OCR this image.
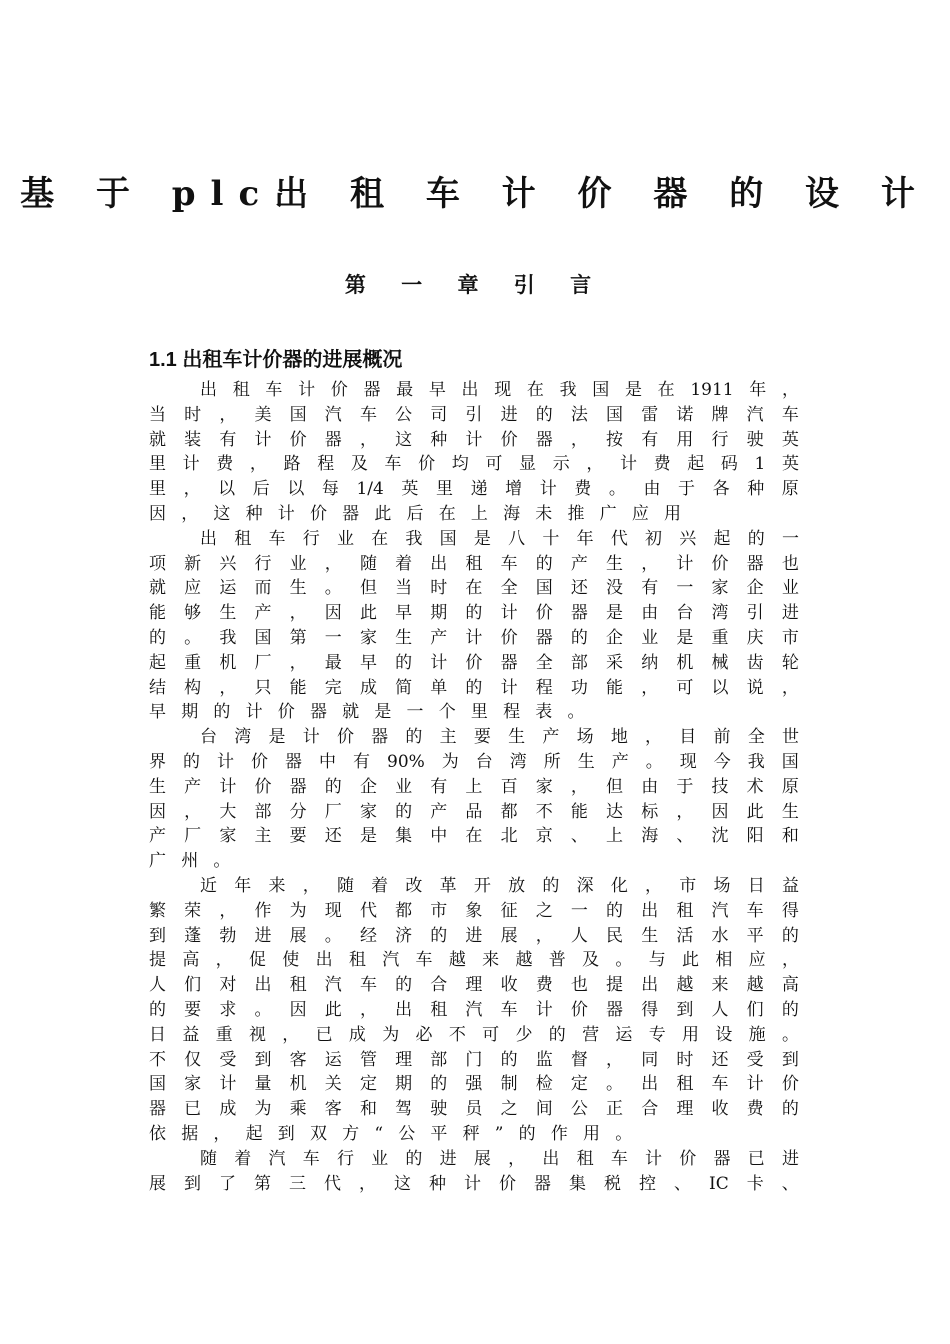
基 于 plc出 租 车 计 价 器 的 设 计
第 一 章 引 言
1.1 出租车计价器的进展概况
出 租 车 计 价 器 最 早 出 现 在 我 国 是 在 1911 年 ，
当 时 ， 美 国 汽 车 公 司 引 进 的 法 国 雷 诺 牌 汽 车
就 装 有 计 价 器 ， 这 种 计 价 器 ， 按 有 用 行 驶 英
里 计 费 ， 路 程 及 车 价 均 可 显 示 ， 计 费 起 码 1 英
里 ， 以 后 以 每 1/4 英 里 递 增 计 费 。 由 于 各 种 原
因 ， 这 种 计 价 器 此 后 在 上 海 未 推 广 应 用
出 租 车 行 业 在 我 国 是 八 十 年 代 初 兴 起 的 一
项 新 兴 行 业 ， 随 着 出 租 车 的 产 生 ， 计 价 器 也
就 应 运 而 生 。 但 当 时 在 全 国 还 没 有 一 家 企 业
能 够 生 产 ， 因 此 早 期 的 计 价 器 是 由 台 湾 引 进
的 。 我 国 第 一 家 生 产 计 价 器 的 企 业 是 重 庆 市
起 重 机 厂 ， 最 早 的 计 价 器 全 部 采 纳 机 械 齿 轮
结 构 ， 只 能 完 成 简 单 的 计 程 功 能 ， 可 以 说 ，
早 期 的 计 价 器 就 是 一 个 里 程 表 。
台 湾 是 计 价 器 的 主 要 生 产 场 地 ， 目 前 全 世
界 的 计 价 器 中 有 90% 为 台 湾 所 生 产 。 现 今 我 国
生 产 计 价 器 的 企 业 有 上 百 家 ， 但 由 于 技 术 原
因 ， 大 部 分 厂 家 的 产 品 都 不 能 达 标 ， 因 此 生
产 厂 家 主 要 还 是 集 中 在 北 京 、 上 海 、 沈 阳 和
广 州 。
近 年 来 ， 随 着 改 革 开 放 的 深 化 ， 市 场 日 益
繁 荣 ， 作 为 现 代 都 市 象 征 之 一 的 出 租 汽 车 得
到 蓬 勃 进 展 。 经 济 的 进 展 ， 人 民 生 活 水 平 的
提 高 ， 促 使 出 租 汽 车 越 来 越 普 及 。 与 此 相 应 ，
人 们 对 出 租 汽 车 的 合 理 收 费 也 提 出 越 来 越 高
的 要 求 。 因 此 ， 出 租 汽 车 计 价 器 得 到 人 们 的
日 益 重 视 ， 已 成 为 必 不 可 少 的 营 运 专 用 设 施 。
不 仅 受 到 客 运 管 理 部 门 的 监 督 ， 同 时 还 受 到
国 家 计 量 机 关 定 期 的 强 制 检 定 。 出 租 车 计 价
器 已 成 为 乘 客 和 驾 驶 员 之 间 公 正 合 理 收 费 的
依 据 ， 起 到 双 方 “ 公 平 秤 ” 的 作 用 。
随 着 汽 车 行 业 的 进 展 ， 出 租 车 计 价 器 已 进
展 到 了 第 三 代 ， 这 种 计 价 器 集 税 控 、 IC 卡 、
